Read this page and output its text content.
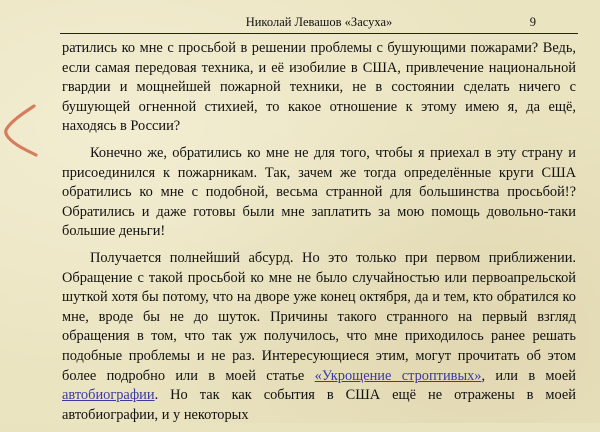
Николай Левашов «Засуха»	9

ратились ко мне с просьбой в решении проблемы с бушующими пожарами? Ведь, если самая передовая техника, и её изобилие в США, привлечение национальной гвардии и мощнейшей пожарной техники, не в состоянии сделать ничего с бушующей огненной стихией, то какое отношение к этому имею я, да ещё, находясь в России?

Конечно же, обратились ко мне не для того, чтобы я приехал в эту страну и присоединился к пожарникам. Так, зачем же тогда определённые круги США обратились ко мне с подобной, весьма странной для большинства просьбой!? Обратились и даже готовы были мне заплатить за мою помощь довольно-таки большие деньги!

Получается полнейший абсурд. Но это только при первом приближении. Обращение с такой просьбой ко мне не было случайностью или первоапрельской шуткой хотя бы потому, что на дворе уже конец октября, да и тем, кто обратился ко мне, вроде бы не до шуток. Причины такого странного на первый взгляд обращения в том, что так уж получилось, что мне приходилось ранее решать подобные проблемы и не раз. Интересующиеся этим, могут прочитать об этом более подробно или в моей статье «Укрощение строптивых», или в моей автобиографии. Но так как события в США ещё не отражены в моей автобиографии, и у некоторых
